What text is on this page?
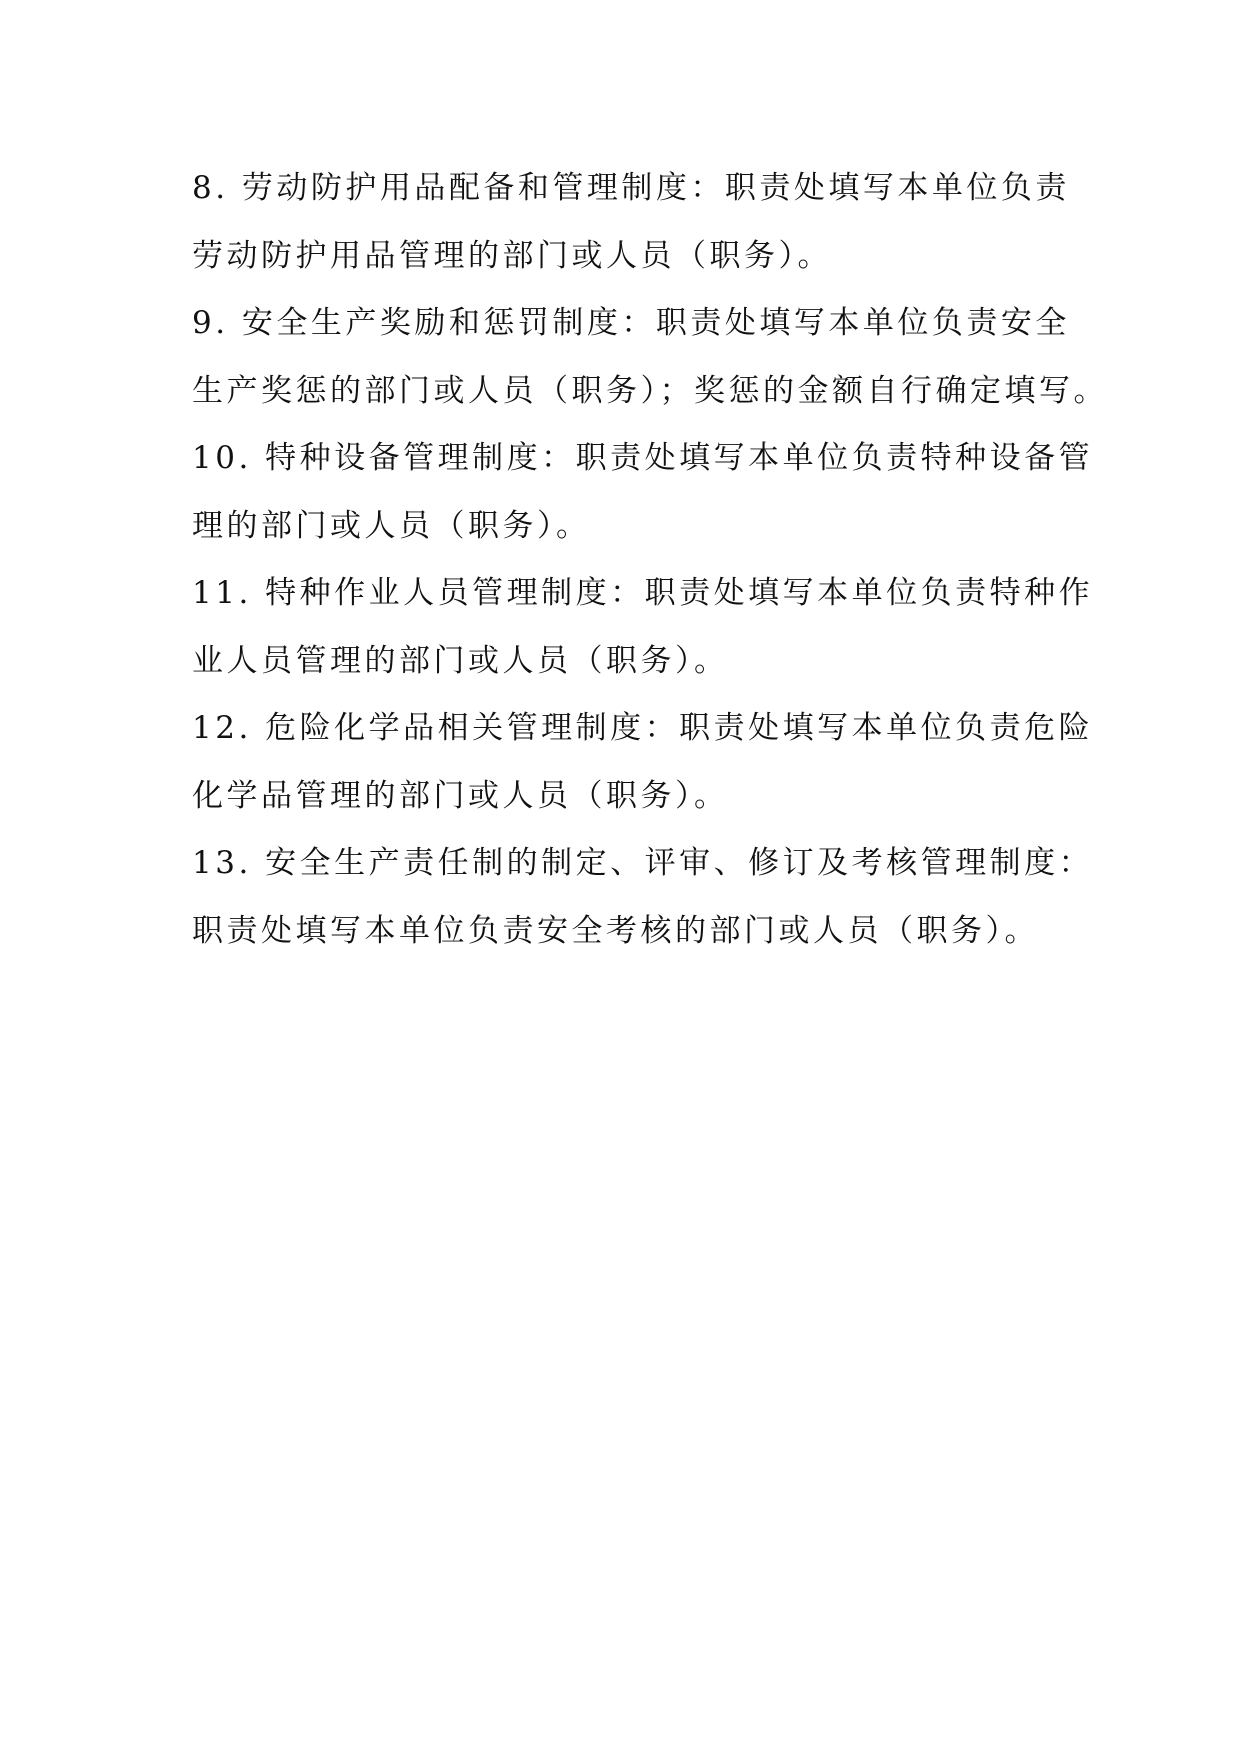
8. 劳动防护用品配备和管理制度：职责处填写本单位负责
劳动防护用品管理的部门或人员（职务）。
9. 安全生产奖励和惩罚制度：职责处填写本单位负责安全
生产奖惩的部门或人员（职务）；奖惩的金额自行确定填写。
10. 特种设备管理制度：职责处填写本单位负责特种设备管
理的部门或人员（职务）。
11. 特种作业人员管理制度：职责处填写本单位负责特种作
业人员管理的部门或人员（职务）。
12. 危险化学品相关管理制度：职责处填写本单位负责危险
化学品管理的部门或人员（职务）。
13. 安全生产责任制的制定、评审、修订及考核管理制度：
职责处填写本单位负责安全考核的部门或人员（职务）。
